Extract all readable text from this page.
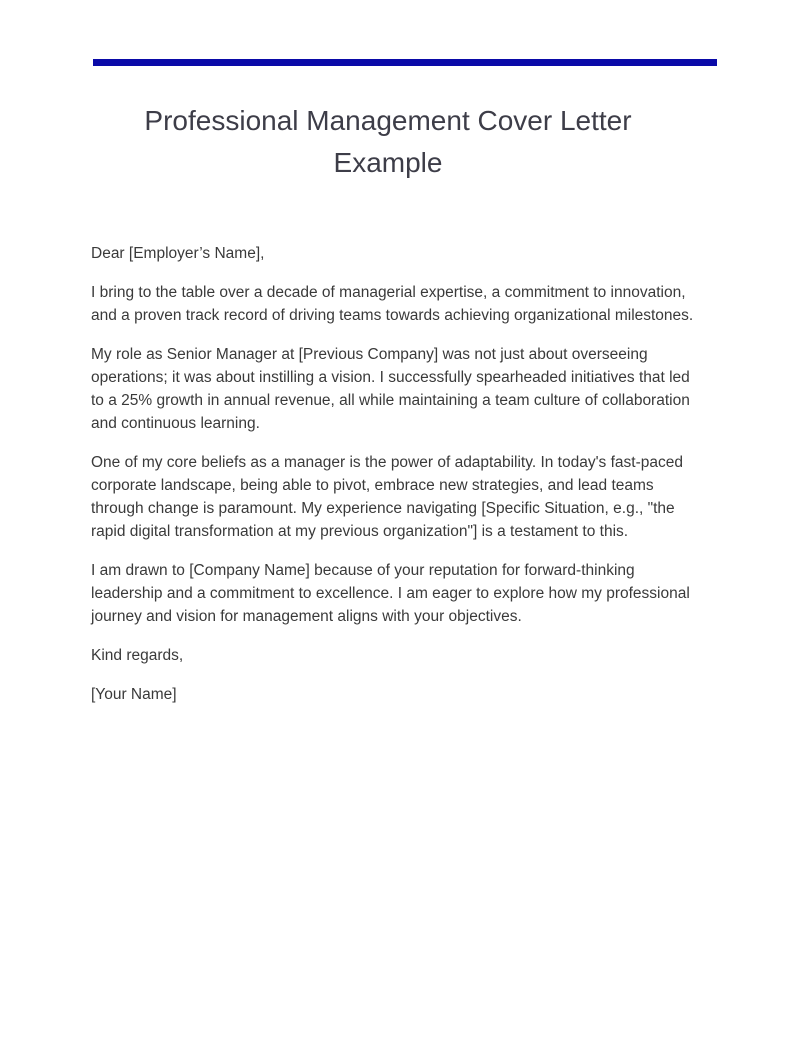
Professional Management Cover Letter Example

Dear [Employer’s Name],

I bring to the table over a decade of managerial expertise, a commitment to innovation, and a proven track record of driving teams towards achieving organizational milestones.

My role as Senior Manager at [Previous Company] was not just about overseeing operations; it was about instilling a vision. I successfully spearheaded initiatives that led to a 25% growth in annual revenue, all while maintaining a team culture of collaboration and continuous learning.

One of my core beliefs as a manager is the power of adaptability. In today's fast-paced corporate landscape, being able to pivot, embrace new strategies, and lead teams through change is paramount. My experience navigating [Specific Situation, e.g., "the rapid digital transformation at my previous organization"] is a testament to this.

I am drawn to [Company Name] because of your reputation for forward-thinking leadership and a commitment to excellence. I am eager to explore how my professional journey and vision for management aligns with your objectives.

Kind regards,

[Your Name]
